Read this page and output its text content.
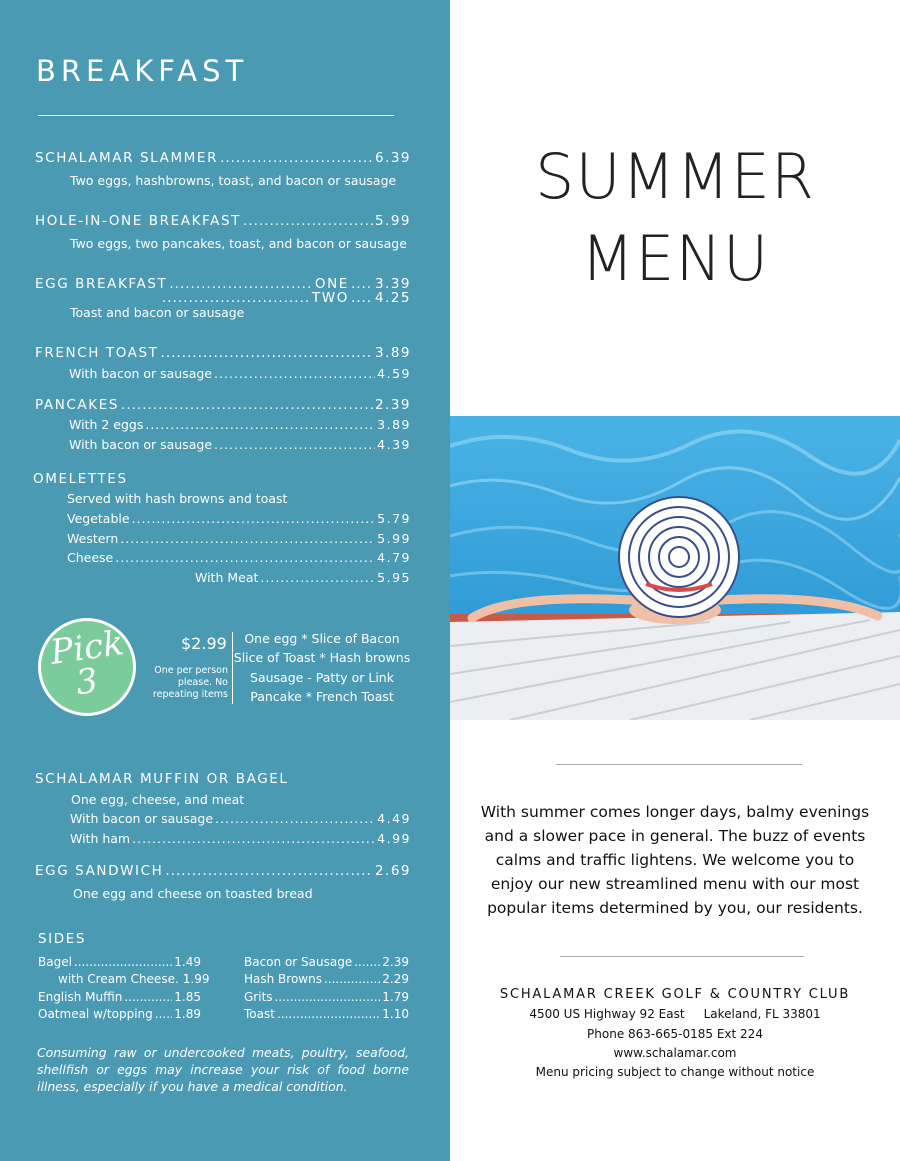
BREAKFAST
SCHALAMAR SLAMMER .....	6.39
Two eggs, hashbrowns, toast, and bacon or sausage
HOLE-IN-ONE BREAKFAST .....	5.99
Two eggs, two pancakes, toast, and bacon or sausage
EGG BREAKFAST .....	ONE ..... 3.39
.....
TWO ..... 4.25
Toast and bacon or sausage
FRENCH TOAST .....	3.89
With bacon or sausage .....	4.59
PANCAKES .....	2.39
With 2 eggs .....	3.89
With bacon or sausage .....	4.39
OMELETTES
Served with hash browns and toast
Vegetable .....	5.79
Western .....	5.99
Cheese .....	4.79
With Meat .....	5.95
Pick
3
$2.99
One per person
please. No
repeating items
One egg * Slice of Bacon
Slice of Toast * Hash browns
Sausage - Patty or Link
Pancake * French Toast
SCHALAMAR MUFFIN OR BAGEL
One egg, cheese, and meat
With bacon or sausage .....	4.49
With ham .....	4.99
EGG SANDWICH .....	2.69
One egg and cheese on toasted bread
SIDES
Bagel .....	1.49
with Cream Cheese. 1.99
English Muffin .....	1.85
Oatmeal w/topping ..... 1.89
Bacon or Sausage .....	2.39
Hash Browns .....	2.29
Grits .....	1.79
Toast .....	1.10
Consuming raw or undercooked meats, poultry, seafood, shellfish or eggs may increase your risk of food borne illness, especially if you have a medical condition.
SUMMER
MENU
With summer comes longer days, balmy evenings and a slower pace in general. The buzz of events calms and traffic lightens. We welcome you to enjoy our new streamlined menu with our most popular items determined by you, our residents.
SCHALAMAR CREEK GOLF & COUNTRY CLUB
4500 US Highway 92 East     Lakeland, FL 33801
Phone 863-665-0185 Ext 224
www.schalamar.com
Menu pricing subject to change without notice
